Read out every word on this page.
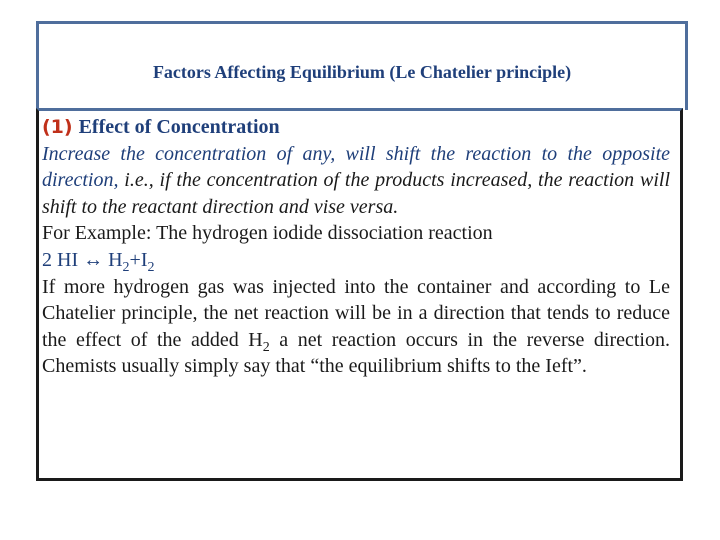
Factors Affecting Equilibrium (Le Chatelier principle)

(1) Effect of Concentration

Increase the concentration of any, will shift the reaction to the opposite direction, i.e., if the concentration of the products increased, the reaction will shift to the reactant direction and vise versa.

For Example: The hydrogen iodide dissociation reaction

2 HI ↔ $H_2+I_2$

If more hydrogen gas was injected into the container and according to Le Chatelier principle, the net reaction will be in a direction that tends to reduce the effect of the added $H_2$ a net reaction occurs in the reverse direction. Chemists usually simply say that “the equilibrium shifts to the Ieft”.
